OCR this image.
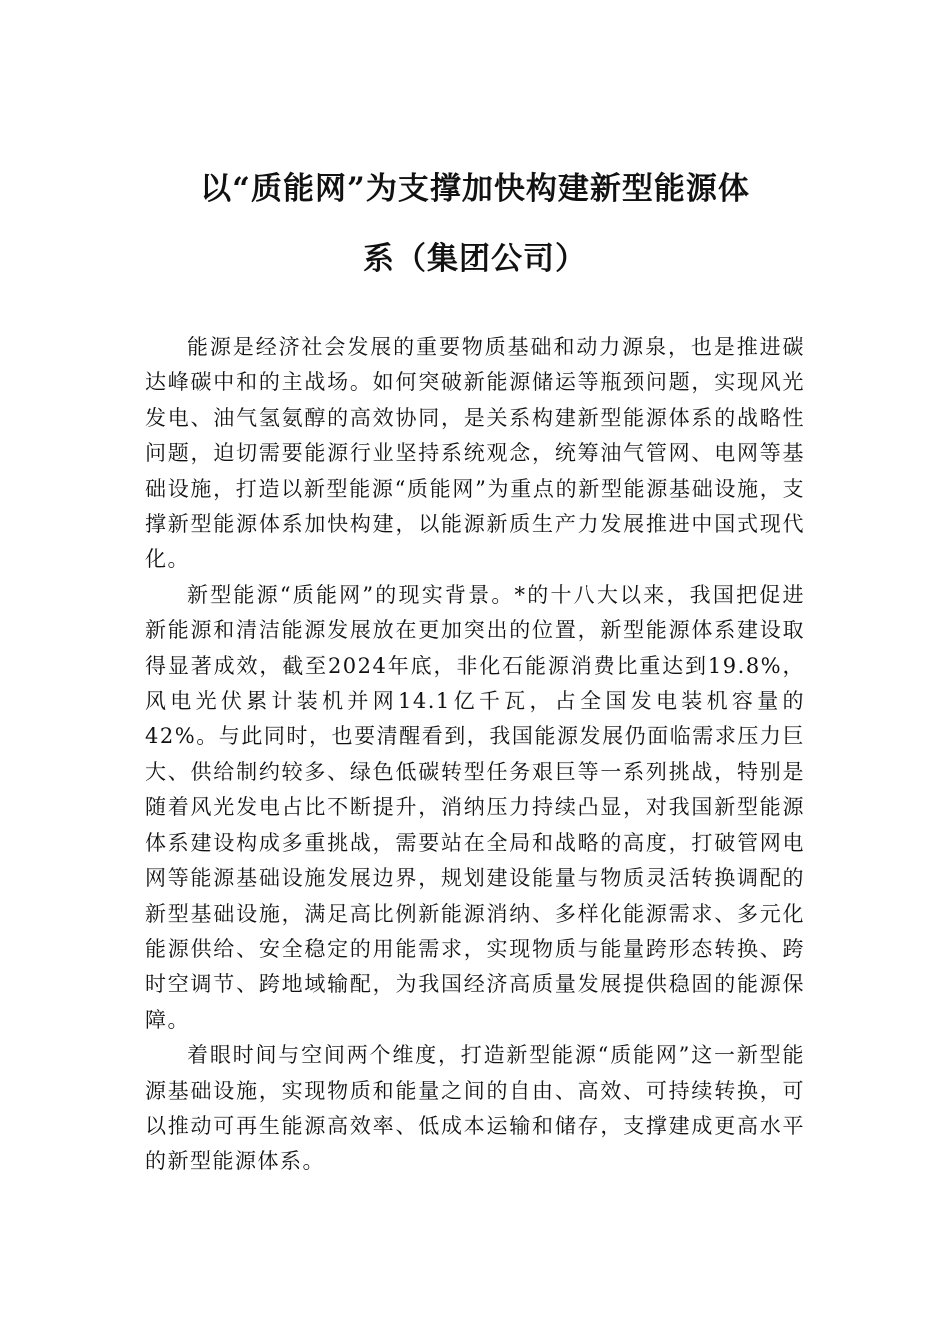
以“质能网”为支撑加快构建新型能源体
系（集团公司）

能源是经济社会发展的重要物质基础和动力源泉，也是推进碳达峰碳中和的主战场。如何突破新能源储运等瓶颈问题，实现风光发电、油气氢氨醇的高效协同，是关系构建新型能源体系的战略性问题，迫切需要能源行业坚持系统观念，统筹油气管网、电网等基础设施，打造以新型能源“质能网”为重点的新型能源基础设施，支撑新型能源体系加快构建，以能源新质生产力发展推进中国式现代化。

新型能源“质能网”的现实背景。*的十八大以来，我国把促进新能源和清洁能源发展放在更加突出的位置，新型能源体系建设取得显著成效，截至2024年底，非化石能源消费比重达到19.8%，风电光伏累计装机并网14.1亿千瓦，占全国发电装机容量的42%。与此同时，也要清醒看到，我国能源发展仍面临需求压力巨大、供给制约较多、绿色低碳转型任务艰巨等一系列挑战，特别是随着风光发电占比不断提升，消纳压力持续凸显，对我国新型能源体系建设构成多重挑战，需要站在全局和战略的高度，打破管网电网等能源基础设施发展边界，规划建设能量与物质灵活转换调配的新型基础设施，满足高比例新能源消纳、多样化能源需求、多元化能源供给、安全稳定的用能需求，实现物质与能量跨形态转换、跨时空调节、跨地域输配，为我国经济高质量发展提供稳固的能源保障。

着眼时间与空间两个维度，打造新型能源“质能网”这一新型能源基础设施，实现物质和能量之间的自由、高效、可持续转换，可以推动可再生能源高效率、低成本运输和储存，支撑建成更高水平的新型能源体系。
